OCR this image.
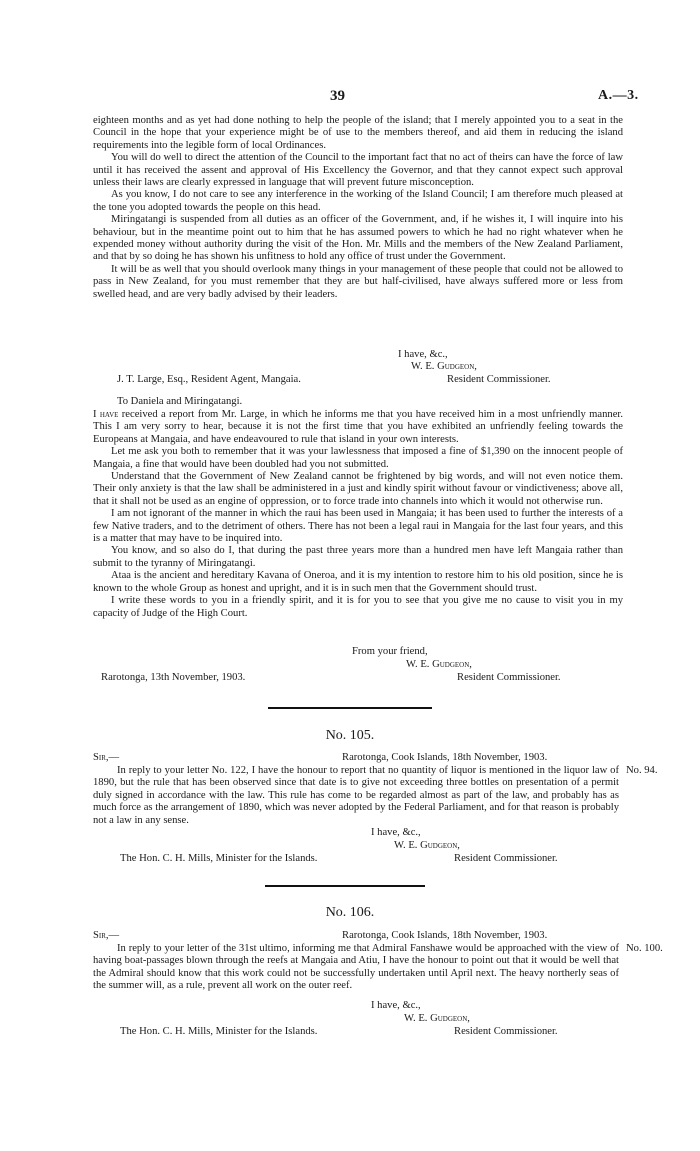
39	A.—3.

eighteen months and as yet had done nothing to help the people of the island; that I merely appointed you to a seat in the Council in the hope that your experience might be of use to the members thereof, and aid them in reducing the island requirements into the legible form of local Ordinances.

You will do well to direct the attention of the Council to the important fact that no act of theirs can have the force of law until it has received the assent and approval of His Excellency the Governor, and that they cannot expect such approval unless their laws are clearly expressed in language that will prevent future misconception.

As you know, I do not care to see any interference in the working of the Island Council; I am therefore much pleased at the tone you adopted towards the people on this head.

Miringatangi is suspended from all duties as an officer of the Government, and, if he wishes it, I will inquire into his behaviour, but in the meantime point out to him that he has assumed powers to which he had no right whatever when he expended money without authority during the visit of the Hon. Mr. Mills and the members of the New Zealand Parliament, and that by so doing he has shown his unfitness to hold any office of trust under the Government.

It will be as well that you should overlook many things in your management of these people that could not be allowed to pass in New Zealand, for you must remember that they are but half-civilised, have always suffered more or less from swelled head, and are very badly advised by their leaders.

I have, &c.,
W. E. Gudgeon,
J. T. Large, Esq., Resident Agent, Mangaia.	Resident Commissioner.
To Daniela and Miringatangi.

I have received a report from Mr. Large, in which he informs me that you have received him in a most unfriendly manner. This I am very sorry to hear, because it is not the first time that you have exhibited an unfriendly feeling towards the Europeans at Mangaia, and have endeavoured to rule that island in your own interests.

Let me ask you both to remember that it was your lawlessness that imposed a fine of $1,390 on the innocent people of Mangaia, a fine that would have been doubled had you not submitted.

Understand that the Government of New Zealand cannot be frightened by big words, and will not even notice them. Their only anxiety is that the law shall be administered in a just and kindly spirit without favour or vindictiveness; above all, that it shall not be used as an engine of oppression, or to force trade into channels into which it would not otherwise run.

I am not ignorant of the manner in which the raui has been used in Mangaia; it has been used to further the interests of a few Native traders, and to the detriment of others. There has not been a legal raui in Mangaia for the last four years, and this is a matter that may have to be inquired into.

You know, and so also do I, that during the past three years more than a hundred men have left Mangaia rather than submit to the tyranny of Miringatangi.

Ataa is the ancient and hereditary Kavana of Oneroa, and it is my intention to restore him to his old position, since he is known to the whole Group as honest and upright, and it is in such men that the Government should trust.

I write these words to you in a friendly spirit, and it is for you to see that you give me no cause to visit you in my capacity of Judge of the High Court.

From your friend,
W. E. Gudgeon,
Rarotonga, 13th November, 1903.	Resident Commissioner.
No. 105.
Sir,—	Rarotonga, Cook Islands, 18th November, 1903.

In reply to your letter No. 122, I have the honour to report that no quantity of liquor is mentioned in the liquor law of 1890, but the rule that has been observed since that date is to give not exceeding three bottles on presentation of a permit duly signed in accordance with the law. This rule has come to be regarded almost as part of the law, and probably has as much force as the arrangement of 1890, which was never adopted by the Federal Parliament, and for that reason is probably not a law in any sense.

No. 94.
I have, &c.,
W. E. Gudgeon,
The Hon. C. H. Mills, Minister for the Islands.	Resident Commissioner.
No. 106.
Sir,—	Rarotonga, Cook Islands, 18th November, 1903.

In reply to your letter of the 31st ultimo, informing me that Admiral Fanshawe would be approached with the view of having boat-passages blown through the reefs at Mangaia and Atiu, I have the honour to point out that it would be well that the Admiral should know that this work could not be successfully undertaken until April next. The heavy northerly seas of the summer will, as a rule, prevent all work on the outer reef.

No. 100.
I have, &c.,
W. E. Gudgeon,
The Hon. C. H. Mills, Minister for the Islands.	Resident Commissioner.
